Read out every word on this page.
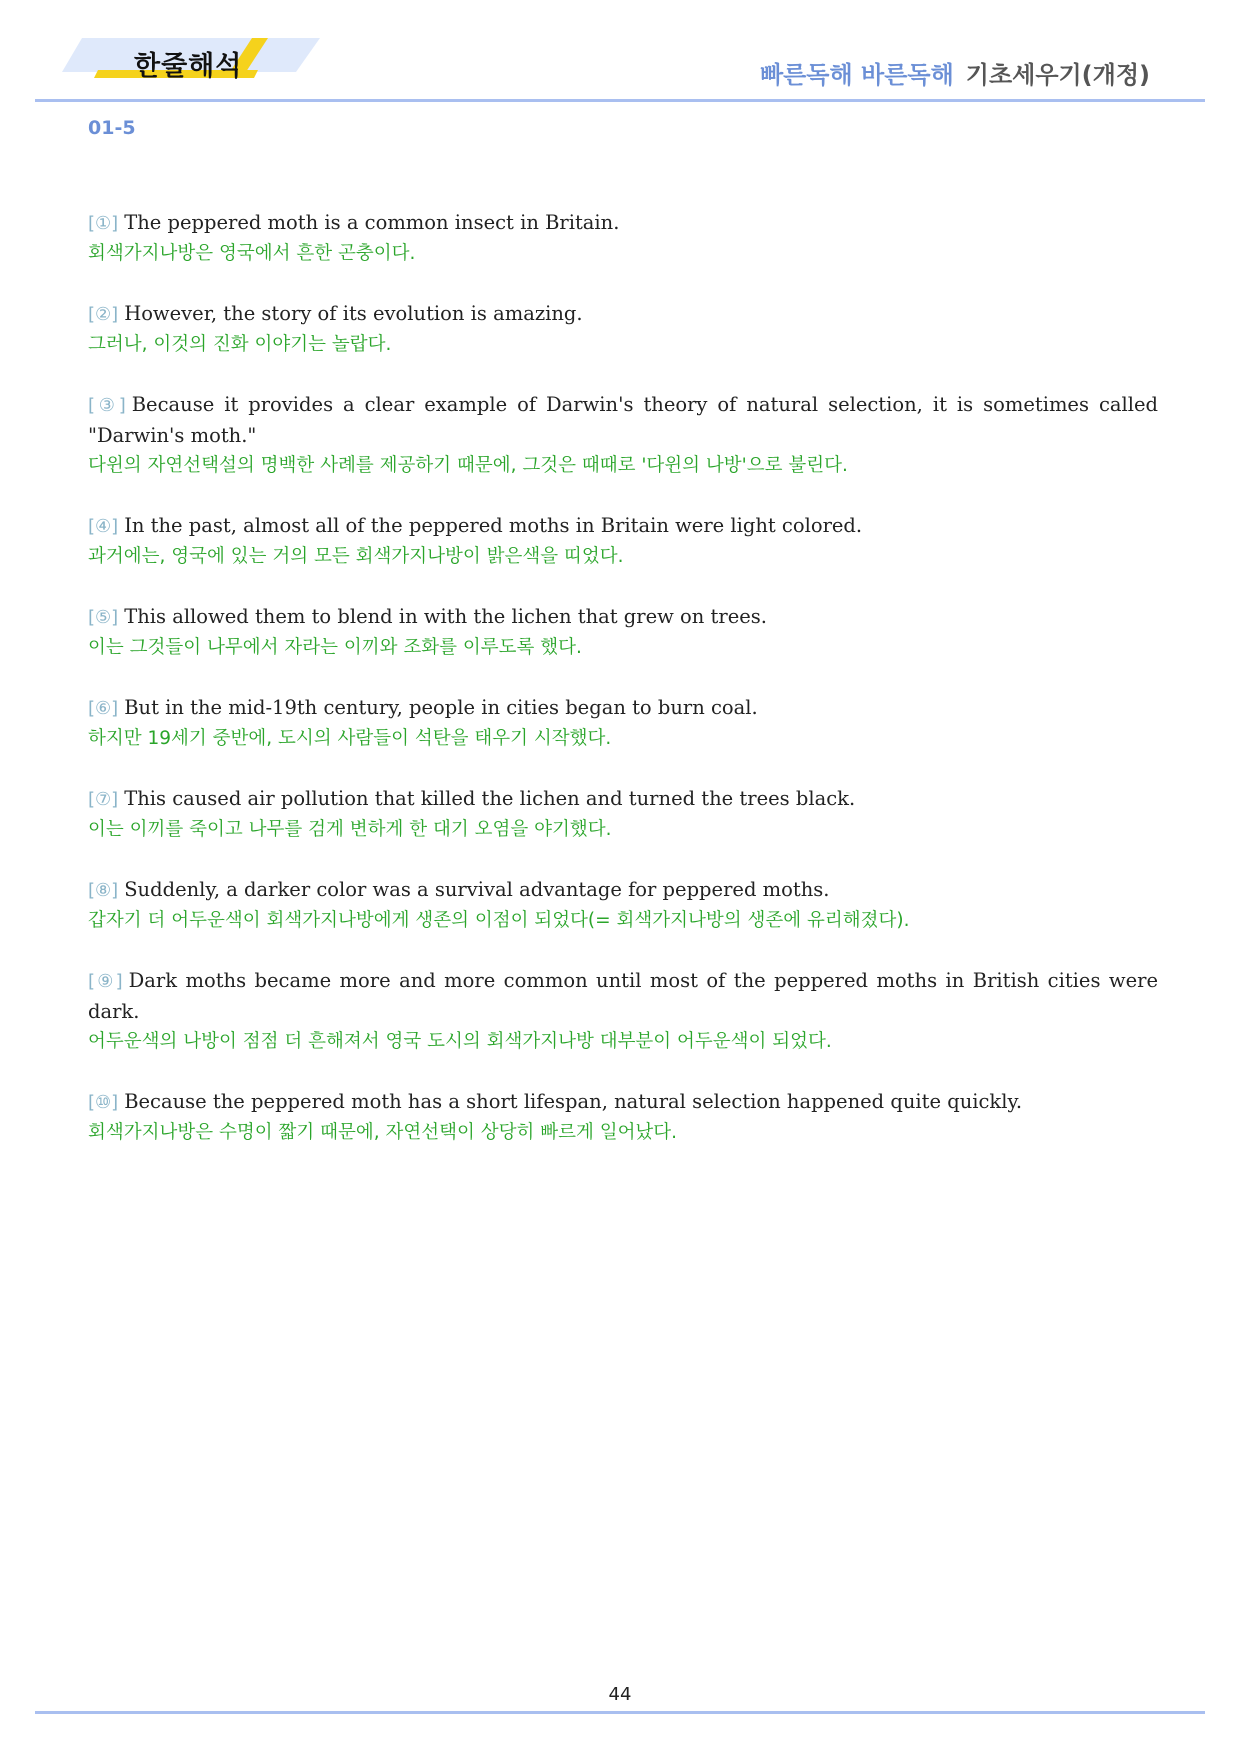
한줄해석	빠른독해 바른독해 기초세우기(개정)
01-5
[①] The peppered moth is a common insect in Britain.
회색가지나방은 영국에서 흔한 곤충이다.
[②] However, the story of its evolution is amazing.
그러나, 이것의 진화 이야기는 놀랍다.
[③] Because it provides a clear example of Darwin's theory of natural selection, it is sometimes called "Darwin's moth."
다윈의 자연선택설의 명백한 사례를 제공하기 때문에, 그것은 때때로 '다윈의 나방'으로 불린다.
[④] In the past, almost all of the peppered moths in Britain were light colored.
과거에는, 영국에 있는 거의 모든 회색가지나방이 밝은색을 띠었다.
[⑤] This allowed them to blend in with the lichen that grew on trees.
이는 그것들이 나무에서 자라는 이끼와 조화를 이루도록 했다.
[⑥] But in the mid-19th century, people in cities began to burn coal.
하지만 19세기 중반에, 도시의 사람들이 석탄을 태우기 시작했다.
[⑦] This caused air pollution that killed the lichen and turned the trees black.
이는 이끼를 죽이고 나무를 검게 변하게 한 대기 오염을 야기했다.
[⑧] Suddenly, a darker color was a survival advantage for peppered moths.
갑자기 더 어두운색이 회색가지나방에게 생존의 이점이 되었다(= 회색가지나방의 생존에 유리해졌다).
[⑨] Dark moths became more and more common until most of the peppered moths in British cities were dark.
어두운색의 나방이 점점 더 흔해져서 영국 도시의 회색가지나방 대부분이 어두운색이 되었다.
[⑩] Because the peppered moth has a short lifespan, natural selection happened quite quickly.
회색가지나방은 수명이 짧기 때문에, 자연선택이 상당히 빠르게 일어났다.
44
